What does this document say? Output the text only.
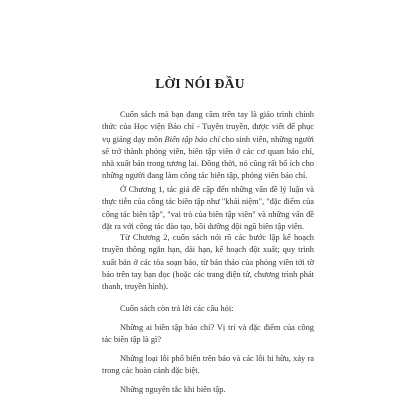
LỜI NÓI ĐẦU
Cuốn sách mà bạn đang cầm trên tay là giáo trình chính thức của Học viện Báo chí - Tuyên truyền, được viết để phục vụ giảng dạy môn Biên tập báo chí cho sinh viên, những người sẽ trở thành phóng viên, biên tập viên ở các cơ quan báo chí, nhà xuất bản trong tương lai. Đồng thời, nó cũng rất bổ ích cho những người đang làm công tác biên tập, phóng viên báo chí.
Ở Chương 1, tác giả đề cập đến những vấn đề lý luận và thực tiễn của công tác biên tập như "khái niệm", "đặc điểm của công tác biên tập", "vai trò của biên tập viên" và những vấn đề đặt ra với công tác đào tạo, bồi dưỡng đội ngũ biên tập viên.
Từ Chương 2, cuốn sách nói rõ các bước lập kế hoạch truyền thông ngắn hạn, dài hạn, kế hoạch đột xuất; quy trình xuất bản ở các tòa soạn báo, từ bản thảo của phóng viên tới tờ báo trên tay bạn đọc (hoặc các trang điện tử, chương trình phát thanh, truyền hình).
Cuốn sách còn trả lời các câu hỏi:
Những ai biên tập báo chí? Vị trí và đặc điểm của công tác biên tập là gì?
Những loại lỗi phổ biến trên báo và các lỗi hi hữu, xảy ra trong các hoàn cảnh đặc biệt.
Những nguyên tắc khi biên tập.
